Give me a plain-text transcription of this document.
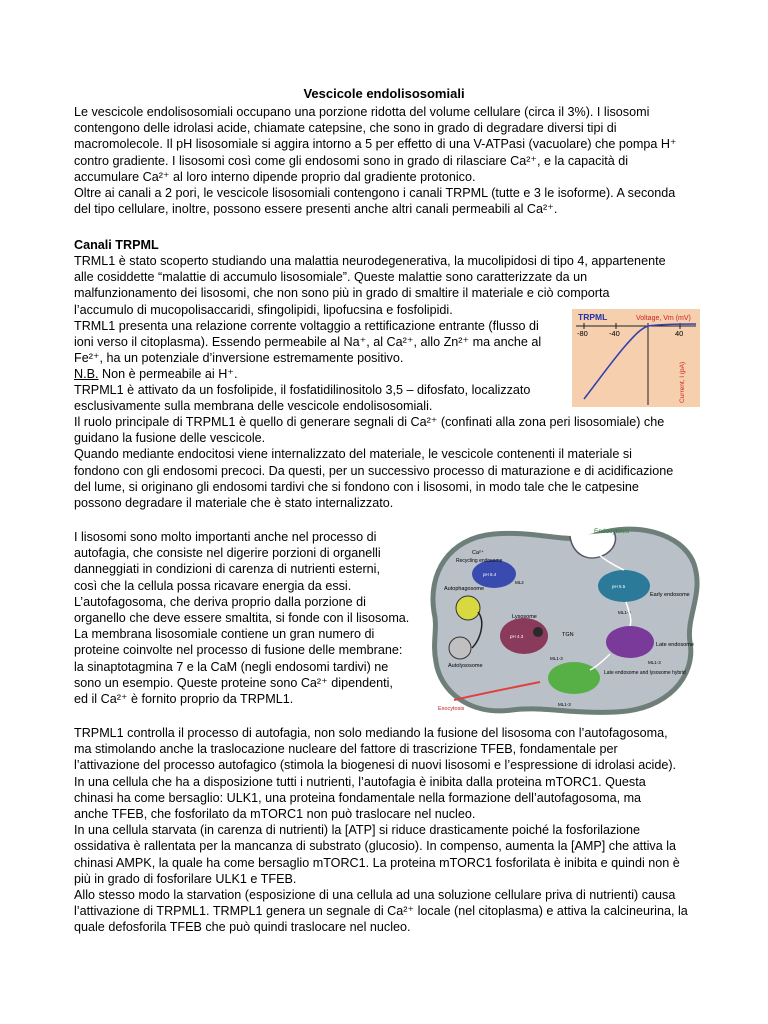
Vescicole endolisosomiali
Le vescicole endolisosomiali occupano una porzione ridotta del volume cellulare (circa il 3%). I lisosomi
contengono delle idrolasi acide, chiamate catepsine, che sono in grado di degradare diversi tipi di
macromolecole. Il pH lisosomiale si aggira intorno a 5 per effetto di una V-ATPasi (vacuolare) che pompa H⁺
contro gradiente. I lisosomi così come gli endosomi sono in grado di rilasciare Ca²⁺, e la capacità di
accumulare Ca²⁺ al loro interno dipende proprio dal gradiente protonico.
Oltre ai canali a 2 pori, le vescicole lisosomiali contengono i canali TRPML (tutte e 3 le isoforme). A seconda
del tipo cellulare, inoltre, possono essere presenti anche altri canali permeabili al Ca²⁺.
Canali TRPML
TRML1 è stato scoperto studiando una malattia neurodegenerativa, la mucolipidosi di tipo 4, appartenente
alle cosiddette “malattie di accumulo lisosomiale”. Queste malattie sono caratterizzate da un
malfunzionamento dei lisosomi, che non sono più in grado di smaltire il materiale e ciò comporta
l’accumulo di mucopolisaccaridi, sfingolipidi, lipofucsina e fosfolipidi.
TRML1 presenta una relazione corrente voltaggio a rettificazione entrante (flusso di
ioni verso il citoplasma). Essendo permeabile al Na⁺, al Ca²⁺, allo Zn²⁺ ma anche al
Fe²⁺, ha un potenziale d’inversione estremamente positivo.
N.B. Non è permeabile ai H⁺.
TRPML1 è attivato da un fosfolipide, il fosfatidilinositolo 3,5 – difosfato, localizzato
esclusivamente sulla membrana delle vescicole endolisosomiali.
Il ruolo principale di TRPML1 è quello di generare segnali di Ca²⁺ (confinati alla zona peri lisosomiale) che
guidano la fusione delle vescicole.
Quando mediante endocitosi viene internalizzato del materiale, le vescicole contenenti il materiale si
fondono con gli endosomi precoci. Da questi, per un successivo processo di maturazione e di acidificazione
del lume, si originano gli endosomi tardivi che si fondono con i lisosomi, in modo tale che le catpesine
possono degradare il materiale che è stato internalizzato.
I lisosomi sono molto importanti anche nel processo di
autofagia, che consiste nel digerire porzioni di organelli
danneggiati in condizioni di carenza di nutrienti esterni,
così che la cellula possa ricavare energia da essi.
L’autofagosoma, che deriva proprio dalla porzione di
organello che deve essere smaltita, si fonde con il lisosoma.
La membrana lisosomiale contiene un gran numero di
proteine coinvolte nel processo di fusione delle membrane:
la sinaptotagmina 7 e la CaM (negli endosomi tardivi) ne
sono un esempio. Queste proteine sono Ca²⁺ dipendenti,
ed il Ca²⁺ è fornito proprio da TRPML1.
TRPML1 controlla il processo di autofagia, non solo mediando la fusione del lisosoma con l’autofagosoma,
ma stimolando anche la traslocazione nucleare del fattore di trascrizione TFEB, fondamentale per
l’attivazione del processo autofagico (stimola la biogenesi di nuovi lisosomi e l’espressione di idrolasi acide).
In una cellula che ha a disposizione tutti i nutrienti, l’autofagia è inibita dalla proteina mTORC1. Questa
chinasi ha come bersaglio: ULK1, una proteina fondamentale nella formazione dell’autofagosoma, ma
anche TFEB, che fosforilato da mTORC1 non può traslocare nel nucleo.
In una cellula starvata (in carenza di nutrienti) la [ATP] si riduce drasticamente poiché la fosforilazione
ossidativa è rallentata per la mancanza di substrato (glucosio). In compenso, aumenta la [AMP] che attiva la
chinasi AMPK, la quale ha come bersaglio mTORC1. La proteina mTORC1 fosforilata è inibita e quindi non è
più in grado di fosforilare ULK1 e TFEB.
Allo stesso modo la starvation (esposizione di una cellula ad una soluzione cellulare priva di nutrienti) causa
l’attivazione di TRPML1. TRMPL1 genera un segnale di Ca²⁺ locale (nel citoplasma) e attiva la calcineurina, la
quale defosforila TFEB che può quindi traslocare nel nucleo.
TRPML	Voltage, Vm (mV)
-80	-40	40
Current, I (pA)
Endocytosis
Ca²⁺
Recycling endosome
pH 6.4
ML2
Autophagosome
Autolysosome
Lysosome
pH 4.3	TGN
ML1-3
Early endosome
pH 5.5
Late endosome
ML1-3
Late endosome and lysosome hybrid
ML1-3
ML1-3
Exocytosis
